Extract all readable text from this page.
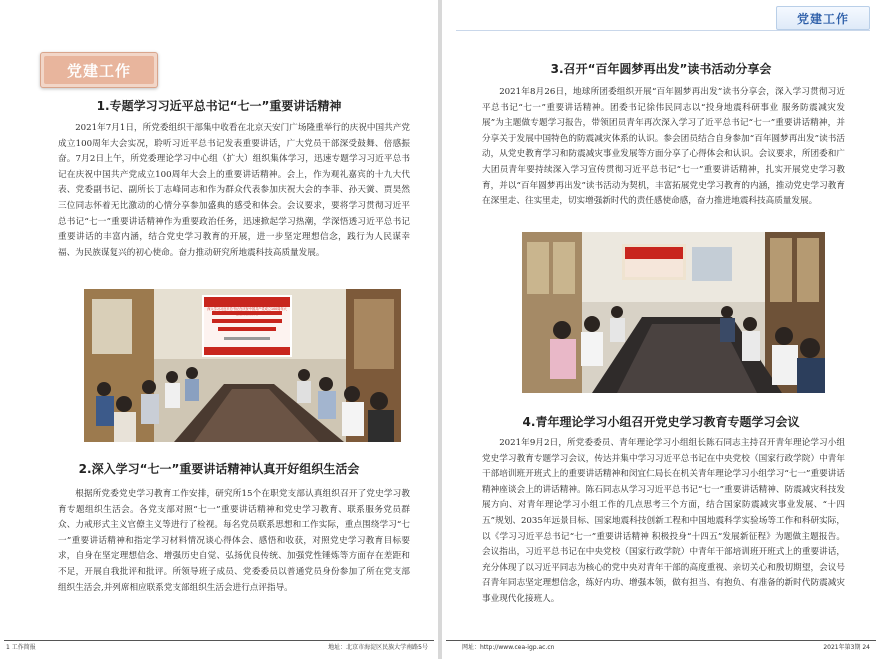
党建工作
1.专题学习习近平总书记“七一”重要讲话精神

2021年7月1日，所党委组织干部集中收看在北京天安门广场隆重举行的庆祝中国共产党成立100周年大会实况，聆听习近平总书记发表重要讲话，广大党员干部深受鼓舞、倍感振奋。7月2日上午，所党委理论学习中心组（扩大）组织集体学习，迅速专题学习习近平总书记在庆祝中国共产党成立100周年大会上的重要讲话精神。会上，作为观礼嘉宾的十九大代表、党委副书记、副所长丁志峰同志和作为群众代表参加庆祝大会的李菲、孙天黉、贾昊然三位同志怀着无比激动的心情分享参加盛典的感受和体会。会议要求，要将学习贯彻习近平总书记“七一”重要讲话精神作为重要政治任务，迅速掀起学习热潮，学深悟透习近平总书记重要讲话的丰富内涵，结合党史学习教育的开展，进一步坚定理想信念，践行为人民谋幸福、为民族谋复兴的初心使命。奋力推动研究所地震科技高质量发展。

深入学习习近平总书记在庆祝中国共产党成立100周年大会上的重要讲话
2.深入学习“七一”重要讲话精神认真开好组织生活会

根据所党委党史学习教育工作安排，研究所15个在职党支部认真组织召开了党史学习教育专题组织生活会。各党支部对照“七一”重要讲话精神和党史学习教育、联系服务党员群众、力戒形式主义官僚主义等进行了检视。每名党员联系思想和工作实际，重点围绕学习“七一”重要讲话精神和指定学习材料情况谈心得体会、感悟和收获，对照党史学习教育目标要求，自身在坚定理想信念、增强历史自觉、弘扬优良传统、加强党性锤炼等方面存在差距和不足，开展自我批评和批评。所领导班子成员、党委委员以普通党员身份参加了所在党支部组织生活会,并列席相应联系党支部组织生活会进行点评指导。

1 工作简报	地址：北京市海淀区民族大学南路5号
党建工作
3.召开“百年圆梦再出发”读书活动分享会

2021年8月26日，地球所团委组织开展“百年圆梦再出发”读书分享会，深入学习贯彻习近平总书记“七一”重要讲话精神。团委书记徐伟民同志以“投身地震科研事业 服务防震减灾发展”为主题做专题学习报告，带领团员青年再次深入学习了近平总书记“七一”重要讲话精神，并分享关于发展中国特色的防震减灾体系的认识。参会团员结合自身参加“百年圆梦再出发”读书活动，从党史教育学习和防震减灾事业发展等方面分享了心得体会和认识。会议要求，所团委和广大团员青年要持续深入学习宣传贯彻习近平总书记“七一”重要讲话精神，扎实开展党史学习教育，并以“百年圆梦再出发”读书活动为契机，丰富拓展党史学习教育的内涵，推动党史学习教育在深里走、往实里走，切实增强新时代的责任感使命感，奋力推进地震科技高质量发展。

4.青年理论学习小组召开党史学习教育专题学习会议

2021年9月2日，所党委委员、青年理论学习小组组长陈石同志主持召开青年理论学习小组党史学习教育专题学习会议，传达并集中学习习近平总书记在中央党校（国家行政学院）中青年干部培训班开班式上的重要讲话精神和闵宜仁局长在机关青年理论学习小组学习“七一”重要讲话精神座谈会上的讲话精神。陈石同志从学习习近平总书记“七一”重要讲话精神、防震减灾科技发展方向、对青年理论学习小组工作的几点思考三个方面，结合国家防震减灾事业发展、“十四五”规划、2035年远景目标、国家地震科技创新工程和中国地震科学实验场等工作和科研实际，以《学习习近平总书记“七一”重要讲话精神 积极投身“十四五”发展新征程》为题做主题报告。会议指出，习近平总书记在中央党校（国家行政学院）中青年干部培训班开班式上的重要讲话，充分体现了以习近平同志为核心的党中央对青年干部的高度重视、亲切关心和殷切期望，会议号召青年同志坚定理想信念，练好内功、增强本领，做有担当、有抱负、有准备的新时代防震减灾事业现代化接班人。

网址：http://www.cea-igp.ac.cn	2021年第3期 24
